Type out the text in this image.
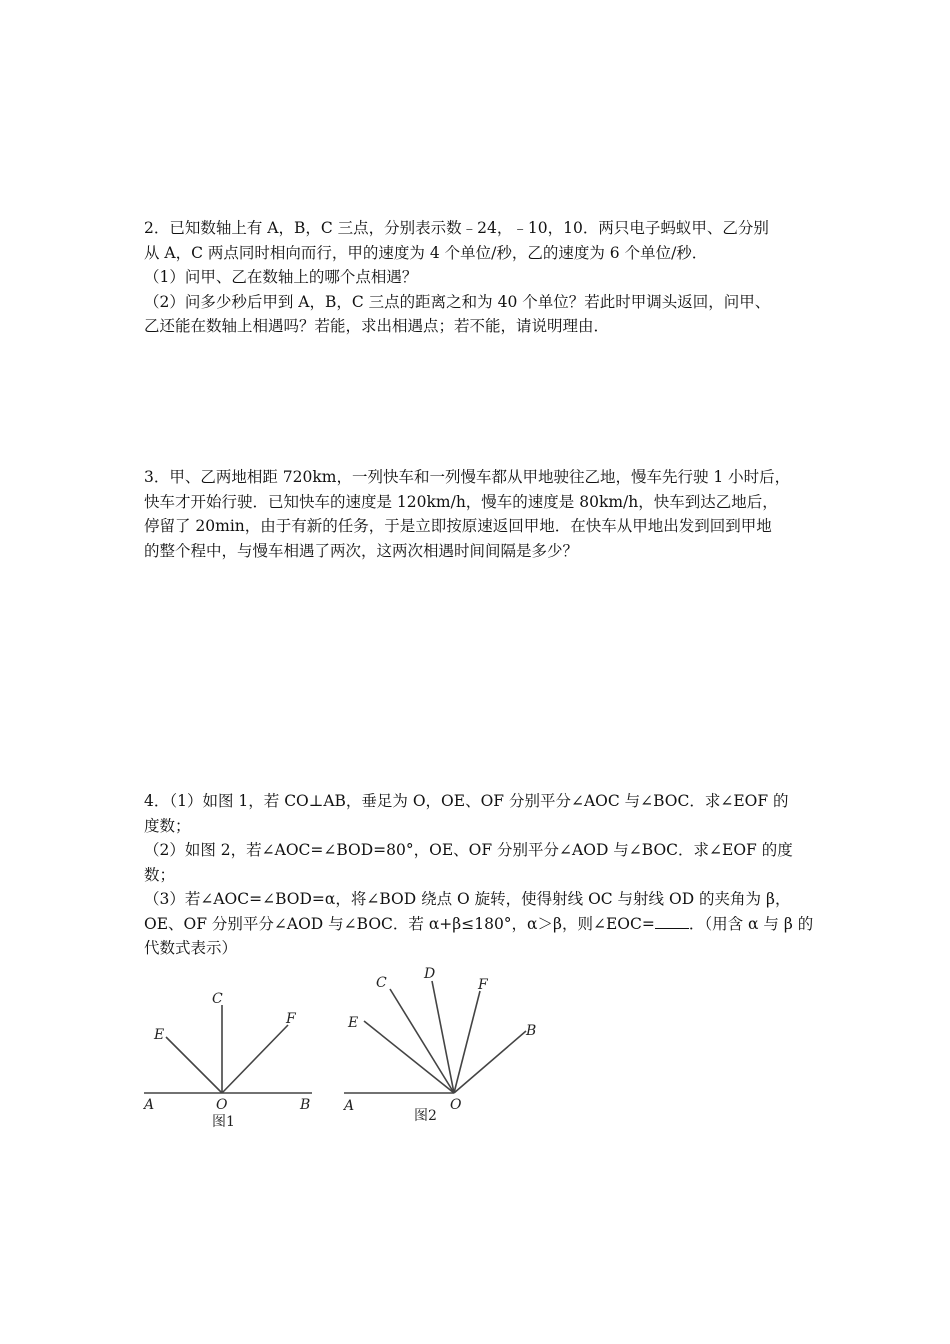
2．已知数轴上有 A，B，C 三点，分别表示数﹣24，﹣10，10．两只电子蚂蚁甲、乙分别

从 A，C 两点同时相向而行，甲的速度为 4 个单位/秒，乙的速度为 6 个单位/秒．

（1）问甲、乙在数轴上的哪个点相遇？

（2）问多少秒后甲到 A，B，C 三点的距离之和为 40 个单位？若此时甲调头返回，问甲、

乙还能在数轴上相遇吗？若能，求出相遇点；若不能，请说明理由．

3．甲、乙两地相距 720km，一列快车和一列慢车都从甲地驶往乙地，慢车先行驶 1 小时后，

快车才开始行驶．已知快车的速度是 120km/h，慢车的速度是 80km/h，快车到达乙地后，

停留了 20min，由于有新的任务，于是立即按原速返回甲地．在快车从甲地出发到回到甲地

的整个程中，与慢车相遇了两次，这两次相遇时间间隔是多少？

4．（1）如图 1，若 CO⊥AB，垂足为 O，OE、OF 分别平分∠AOC 与∠BOC．求∠EOF 的

度数；

（2）如图 2，若∠AOC=∠BOD=80°，OE、OF 分别平分∠AOD 与∠BOC．求∠EOF 的度

数；

（3）若∠AOC=∠BOD=α，将∠BOD 绕点 O 旋转，使得射线 OC 与射线 OD 的夹角为 β，

OE、OF 分别平分∠AOD 与∠BOC．若 α+β≤180°，α＞β，则∠EOC= ．（用含 α 与 β 的

代数式表示）

A	B
C
E
F
O
图1
A
E
C
D
F
B
O
图2
